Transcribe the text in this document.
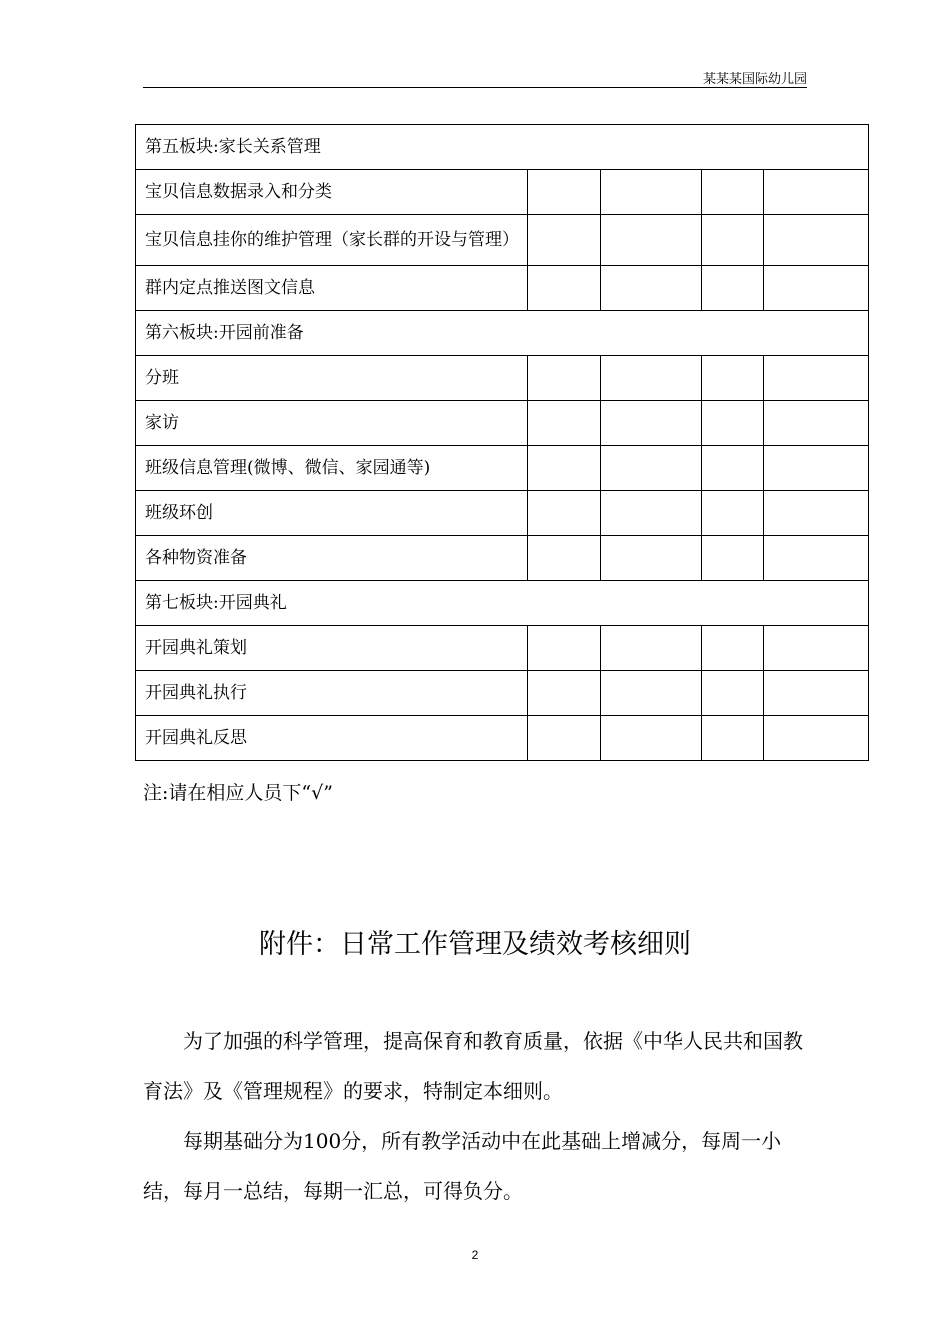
某某某国际幼儿园
第五板块:家长关系管理				
宝贝信息数据录入和分类				
宝贝信息挂你的维护管理（家长群的开设与管理）				
群内定点推送图文信息				
第六板块:开园前准备				
分班				
家访				
班级信息管理(微博、微信、家园通等)				
班级环创				
各种物资准备				
第七板块:开园典礼				
开园典礼策划				
开园典礼执行				
开园典礼反思				
注:请在相应人员下“√”
附件：日常工作管理及绩效考核细则

为了加强的科学管理，提高保育和教育质量，依据《中华人民共和国教育法》及《管理规程》的要求，特制定本细则。

每期基础分为100分，所有教学活动中在此基础上增减分，每周一小结，每月一总结，每期一汇总，可得负分。

2
